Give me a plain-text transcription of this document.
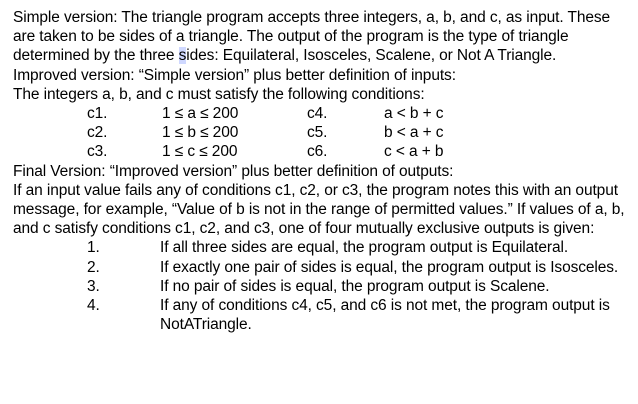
Simple version: The triangle program accepts three integers, a, b, and c, as input. These are taken to be sides of a triangle. The output of the program is the type of triangle determined by the three sides: Equilateral, Isosceles, Scalene, or Not A Triangle.

Improved version: “Simple version” plus better definition of inputs:

The integers a, b, and c must satisfy the following conditions:

c1.	1 ≤ a ≤ 200	c4.	a < b + c
c2.	1 ≤ b ≤ 200	c5.	b < a + c
c3.	1 ≤ c ≤ 200	c6.	c < a + b

Final Version: “Improved version” plus better definition of outputs:

If an input value fails any of conditions c1, c2, or c3, the program notes this with an output message, for example, “Value of b is not in the range of permitted values.” If values of a, b, and c satisfy conditions c1, c2, and c3, one of four mutually exclusive outputs is given:

1.	If all three sides are equal, the program output is Equilateral.
2.	If exactly one pair of sides is equal, the program output is Isosceles.
3.	If no pair of sides is equal, the program output is Scalene.
4.	If any of conditions c4, c5, and c6 is not met, the program output is NotATriangle.
